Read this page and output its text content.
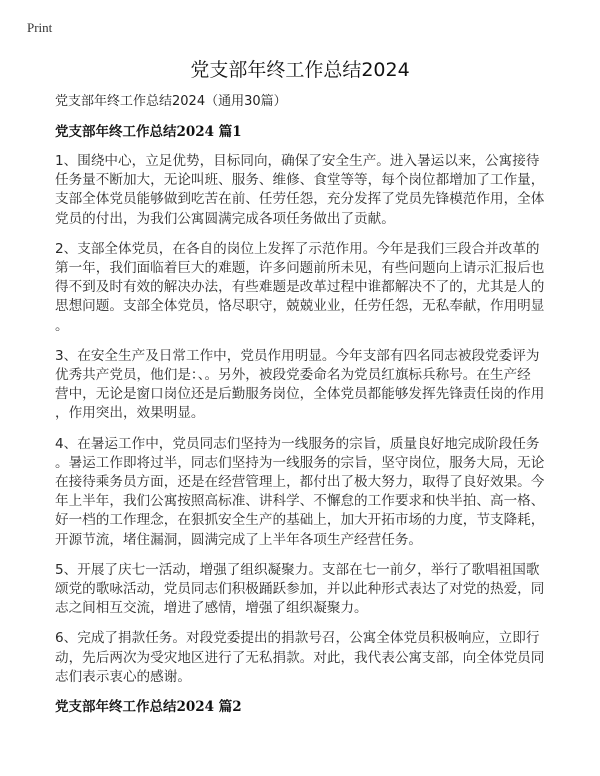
Print
党支部年终工作总结2024
党支部年终工作总结2024（通用30篇）
党支部年终工作总结2024 篇1
1、围绕中心，立足优势，目标同向，确保了安全生产。进入暑运以来，公寓接待
任务量不断加大，无论叫班、服务、维修、食堂等等，每个岗位都增加了工作量，
支部全体党员能够做到吃苦在前、任劳任怨，充分发挥了党员先锋模范作用，全体
党员的付出，为我们公寓圆满完成各项任务做出了贡献。
2、支部全体党员，在各自的岗位上发挥了示范作用。今年是我们三段合并改革的
第一年，我们面临着巨大的难题，许多问题前所未见，有些问题向上请示汇报后也
得不到及时有效的解决办法，有些难题是改革过程中谁都解决不了的，尤其是人的
思想问题。支部全体党员，恪尽职守，兢兢业业，任劳任怨，无私奉献，作用明显
。
3、在安全生产及日常工作中，党员作用明显。今年支部有四名同志被段党委评为
优秀共产党员，他们是：、。另外，被段党委命名为党员红旗标兵称号。在生产经
营中，无论是窗口岗位还是后勤服务岗位，全体党员都能够发挥先锋责任岗的作用
，作用突出，效果明显。
4、在暑运工作中，党员同志们坚持为一线服务的宗旨，质量良好地完成阶段任务
。暑运工作即将过半，同志们坚持为一线服务的宗旨，坚守岗位，服务大局，无论
在接待乘务员方面，还是在经营管理上，都付出了极大努力，取得了良好效果。今
年上半年，我们公寓按照高标准、讲科学、不懈怠的工作要求和快半拍、高一格、
好一档的工作理念，在狠抓安全生产的基础上，加大开拓市场的力度，节支降耗，
开源节流，堵住漏洞，圆满完成了上半年各项生产经营任务。
5、开展了庆七一活动，增强了组织凝聚力。支部在七一前夕，举行了歌唱祖国歌
颂党的歌咏活动，党员同志们积极踊跃参加，并以此种形式表达了对党的热爱，同
志之间相互交流，增进了感情，增强了组织凝聚力。
6、完成了捐款任务。对段党委提出的捐款号召，公寓全体党员积极响应，立即行
动，先后两次为受灾地区进行了无私捐款。对此，我代表公寓支部，向全体党员同
志们表示衷心的感谢。
党支部年终工作总结2024 篇2
